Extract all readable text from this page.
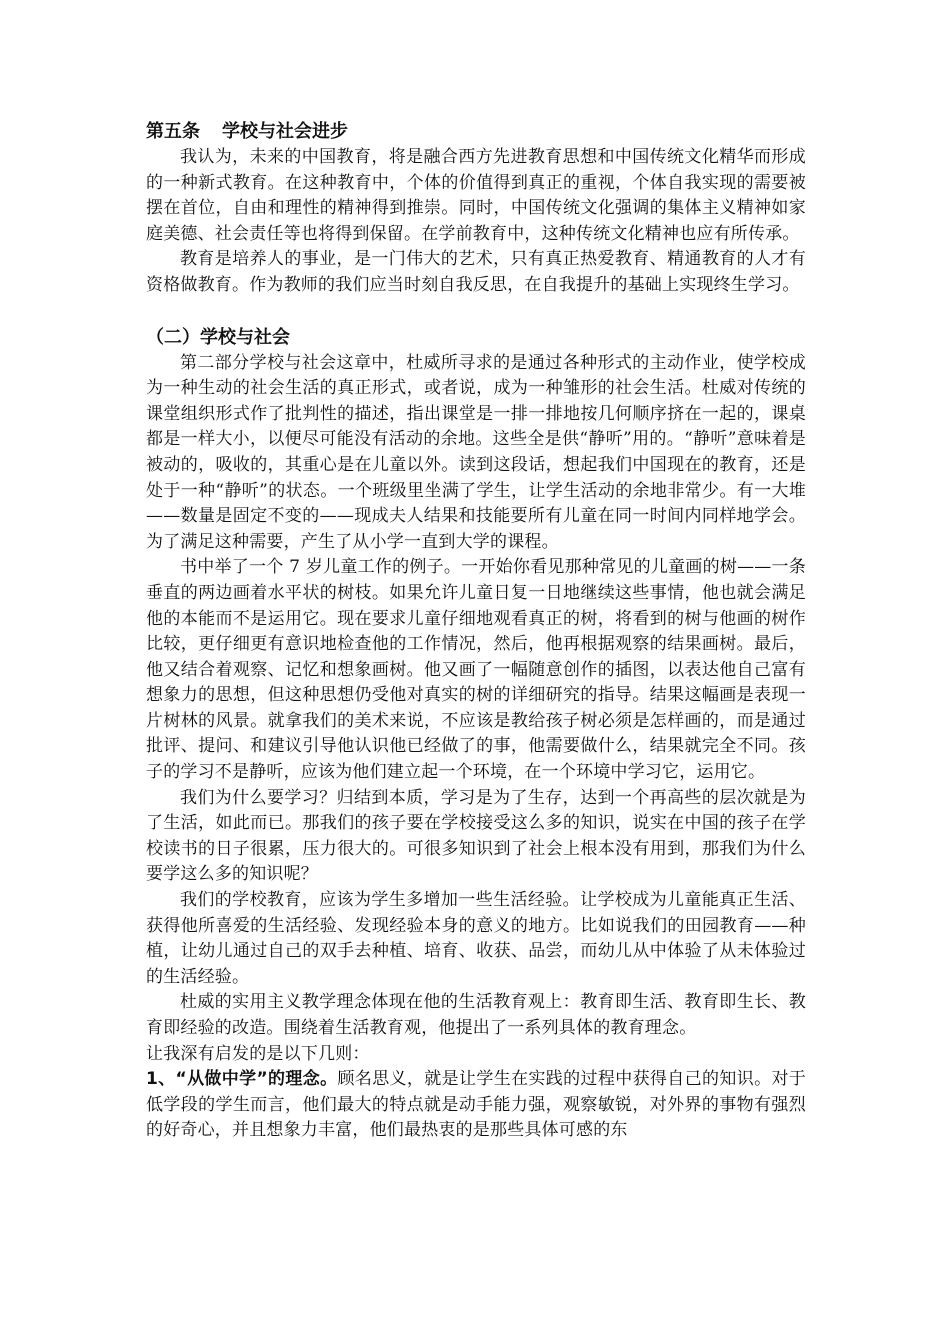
第五条 学校与社会进步

我认为，未来的中国教育，将是融合西方先进教育思想和中国传统文化精华而形成的一种新式教育。在这种教育中，个体的价值得到真正的重视，个体自我实现的需要被摆在首位，自由和理性的精神得到推崇。同时，中国传统文化强调的集体主义精神如家庭美德、社会责任等也将得到保留。在学前教育中，这种传统文化精神也应有所传承。

教育是培养人的事业，是一门伟大的艺术，只有真正热爱教育、精通教育的人才有资格做教育。作为教师的我们应当时刻自我反思，在自我提升的基础上实现终生学习。

（二）学校与社会

第二部分学校与社会这章中，杜威所寻求的是通过各种形式的主动作业，使学校成为一种生动的社会生活的真正形式，或者说，成为一种雏形的社会生活。杜威对传统的课堂组织形式作了批判性的描述，指出课堂是一排一排地按几何顺序挤在一起的，课桌都是一样大小，以便尽可能没有活动的余地。这些全是供“静听”用的。“静听”意味着是被动的，吸收的，其重心是在儿童以外。读到这段话，想起我们中国现在的教育，还是处于一种“静听”的状态。一个班级里坐满了学生，让学生活动的余地非常少。有一大堆——数量是固定不变的——现成夫人结果和技能要所有儿童在同一时间内同样地学会。为了满足这种需要，产生了从小学一直到大学的课程。

书中举了一个 7 岁儿童工作的例子。一开始你看见那种常见的儿童画的树——一条垂直的两边画着水平状的树枝。如果允许儿童日复一日地继续这些事情，他也就会满足他的本能而不是运用它。现在要求儿童仔细地观看真正的树，将看到的树与他画的树作比较，更仔细更有意识地检查他的工作情况，然后，他再根据观察的结果画树。最后，他又结合着观察、记忆和想象画树。他又画了一幅随意创作的插图，以表达他自己富有想象力的思想，但这种思想仍受他对真实的树的详细研究的指导。结果这幅画是表现一片树林的风景。就拿我们的美术来说，不应该是教给孩子树必须是怎样画的，而是通过批评、提问、和建议引导他认识他已经做了的事，他需要做什么，结果就完全不同。孩子的学习不是静听，应该为他们建立起一个环境，在一个环境中学习它，运用它。

我们为什么要学习？归结到本质，学习是为了生存，达到一个再高些的层次就是为了生活，如此而已。那我们的孩子要在学校接受这么多的知识，说实在中国的孩子在学校读书的日子很累，压力很大的。可很多知识到了社会上根本没有用到，那我们为什么要学这么多的知识呢？

我们的学校教育，应该为学生多增加一些生活经验。让学校成为儿童能真正生活、获得他所喜爱的生活经验、发现经验本身的意义的地方。比如说我们的田园教育——种植，让幼儿通过自己的双手去种植、培育、收获、品尝，而幼儿从中体验了从未体验过的生活经验。

杜威的实用主义教学理念体现在他的生活教育观上：教育即生活、教育即生长、教育即经验的改造。围绕着生活教育观，他提出了一系列具体的教育理念。

让我深有启发的是以下几则：

1、“从做中学”的理念。顾名思义，就是让学生在实践的过程中获得自己的知识。对于低学段的学生而言，他们最大的特点就是动手能力强，观察敏锐，对外界的事物有强烈的好奇心，并且想象力丰富，他们最热衷的是那些具体可感的东
